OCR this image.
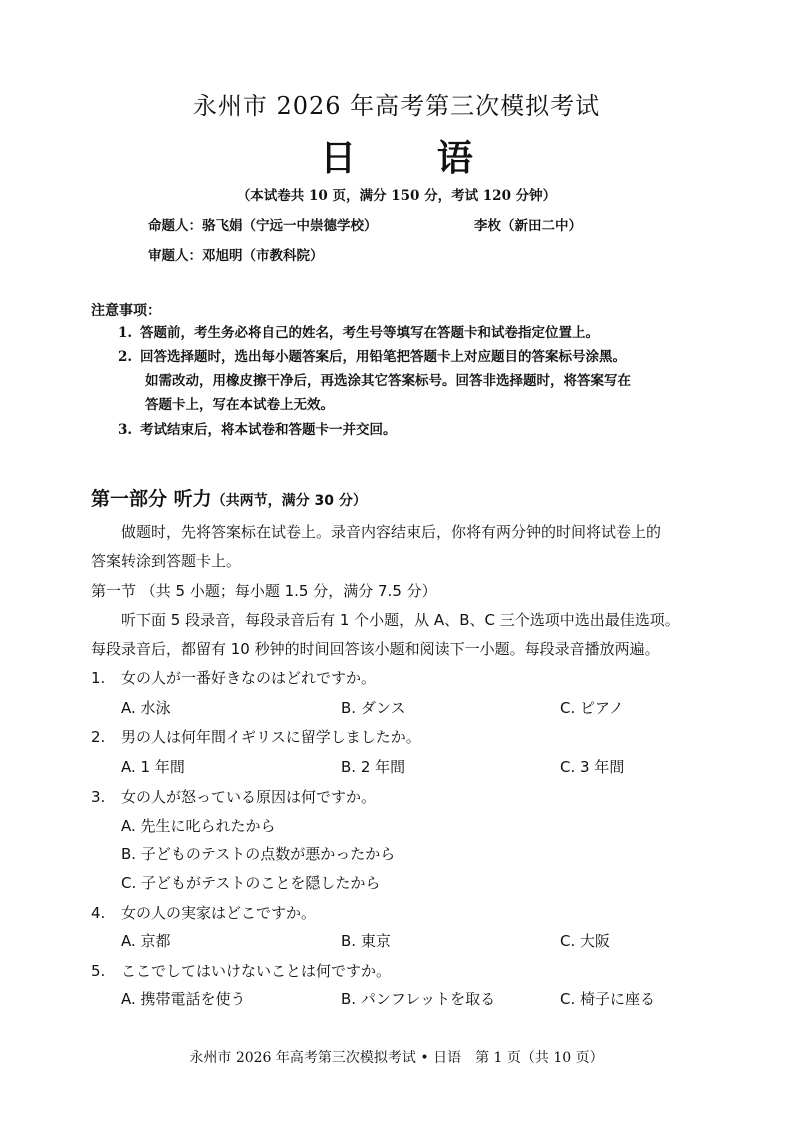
永州市 2026 年高考第三次模拟考试
日 语
（本试卷共 10 页，满分 150 分，考试 120 分钟）
命题人：骆飞娟（宁远一中崇德学校）	李枚（新田二中）
审题人：邓旭明（市教科院）
注意事项：
1. 答题前，考生务必将自己的姓名，考生号等填写在答题卡和试卷指定位置上。
2. 回答选择题时，选出每小题答案后，用铅笔把答题卡上对应题目的答案标号涂黑。
如需改动，用橡皮擦干净后，再选涂其它答案标号。回答非选择题时，将答案写在
答题卡上，写在本试卷上无效。
3. 考试结束后，将本试卷和答题卡一并交回。
第一部分 听力（共两节，满分 30 分）
做题时，先将答案标在试卷上。录音内容结束后，你将有两分钟的时间将试卷上的
答案转涂到答题卡上。
第一节 （共 5 小题；每小题 1.5 分，满分 7.5 分）
听下面 5 段录音，每段录音后有 1 个小题，从 A、B、C 三个选项中选出最佳选项。
每段录音后，都留有 10 秒钟的时间回答该小题和阅读下一小题。每段录音播放两遍。
1. 女の人が一番好きなのはどれですか。
A. 水泳	B. ダンス	C. ピアノ
2. 男の人は何年間イギリスに留学しましたか。
A. 1 年間	B. 2 年間	C. 3 年間
3. 女の人が怒っている原因は何ですか。
A. 先生に叱られたから
B. 子どものテストの点数が悪かったから
C. 子どもがテストのことを隠したから
4. 女の人の実家はどこですか。
A. 京都	B. 東京	C. 大阪
5. ここでしてはいけないことは何ですか。
A. 携帯電話を使う	B. パンフレットを取る	C. 椅子に座る
永州市 2026 年高考第三次模拟考试 • 日语　第 1 页（共 10 页）
